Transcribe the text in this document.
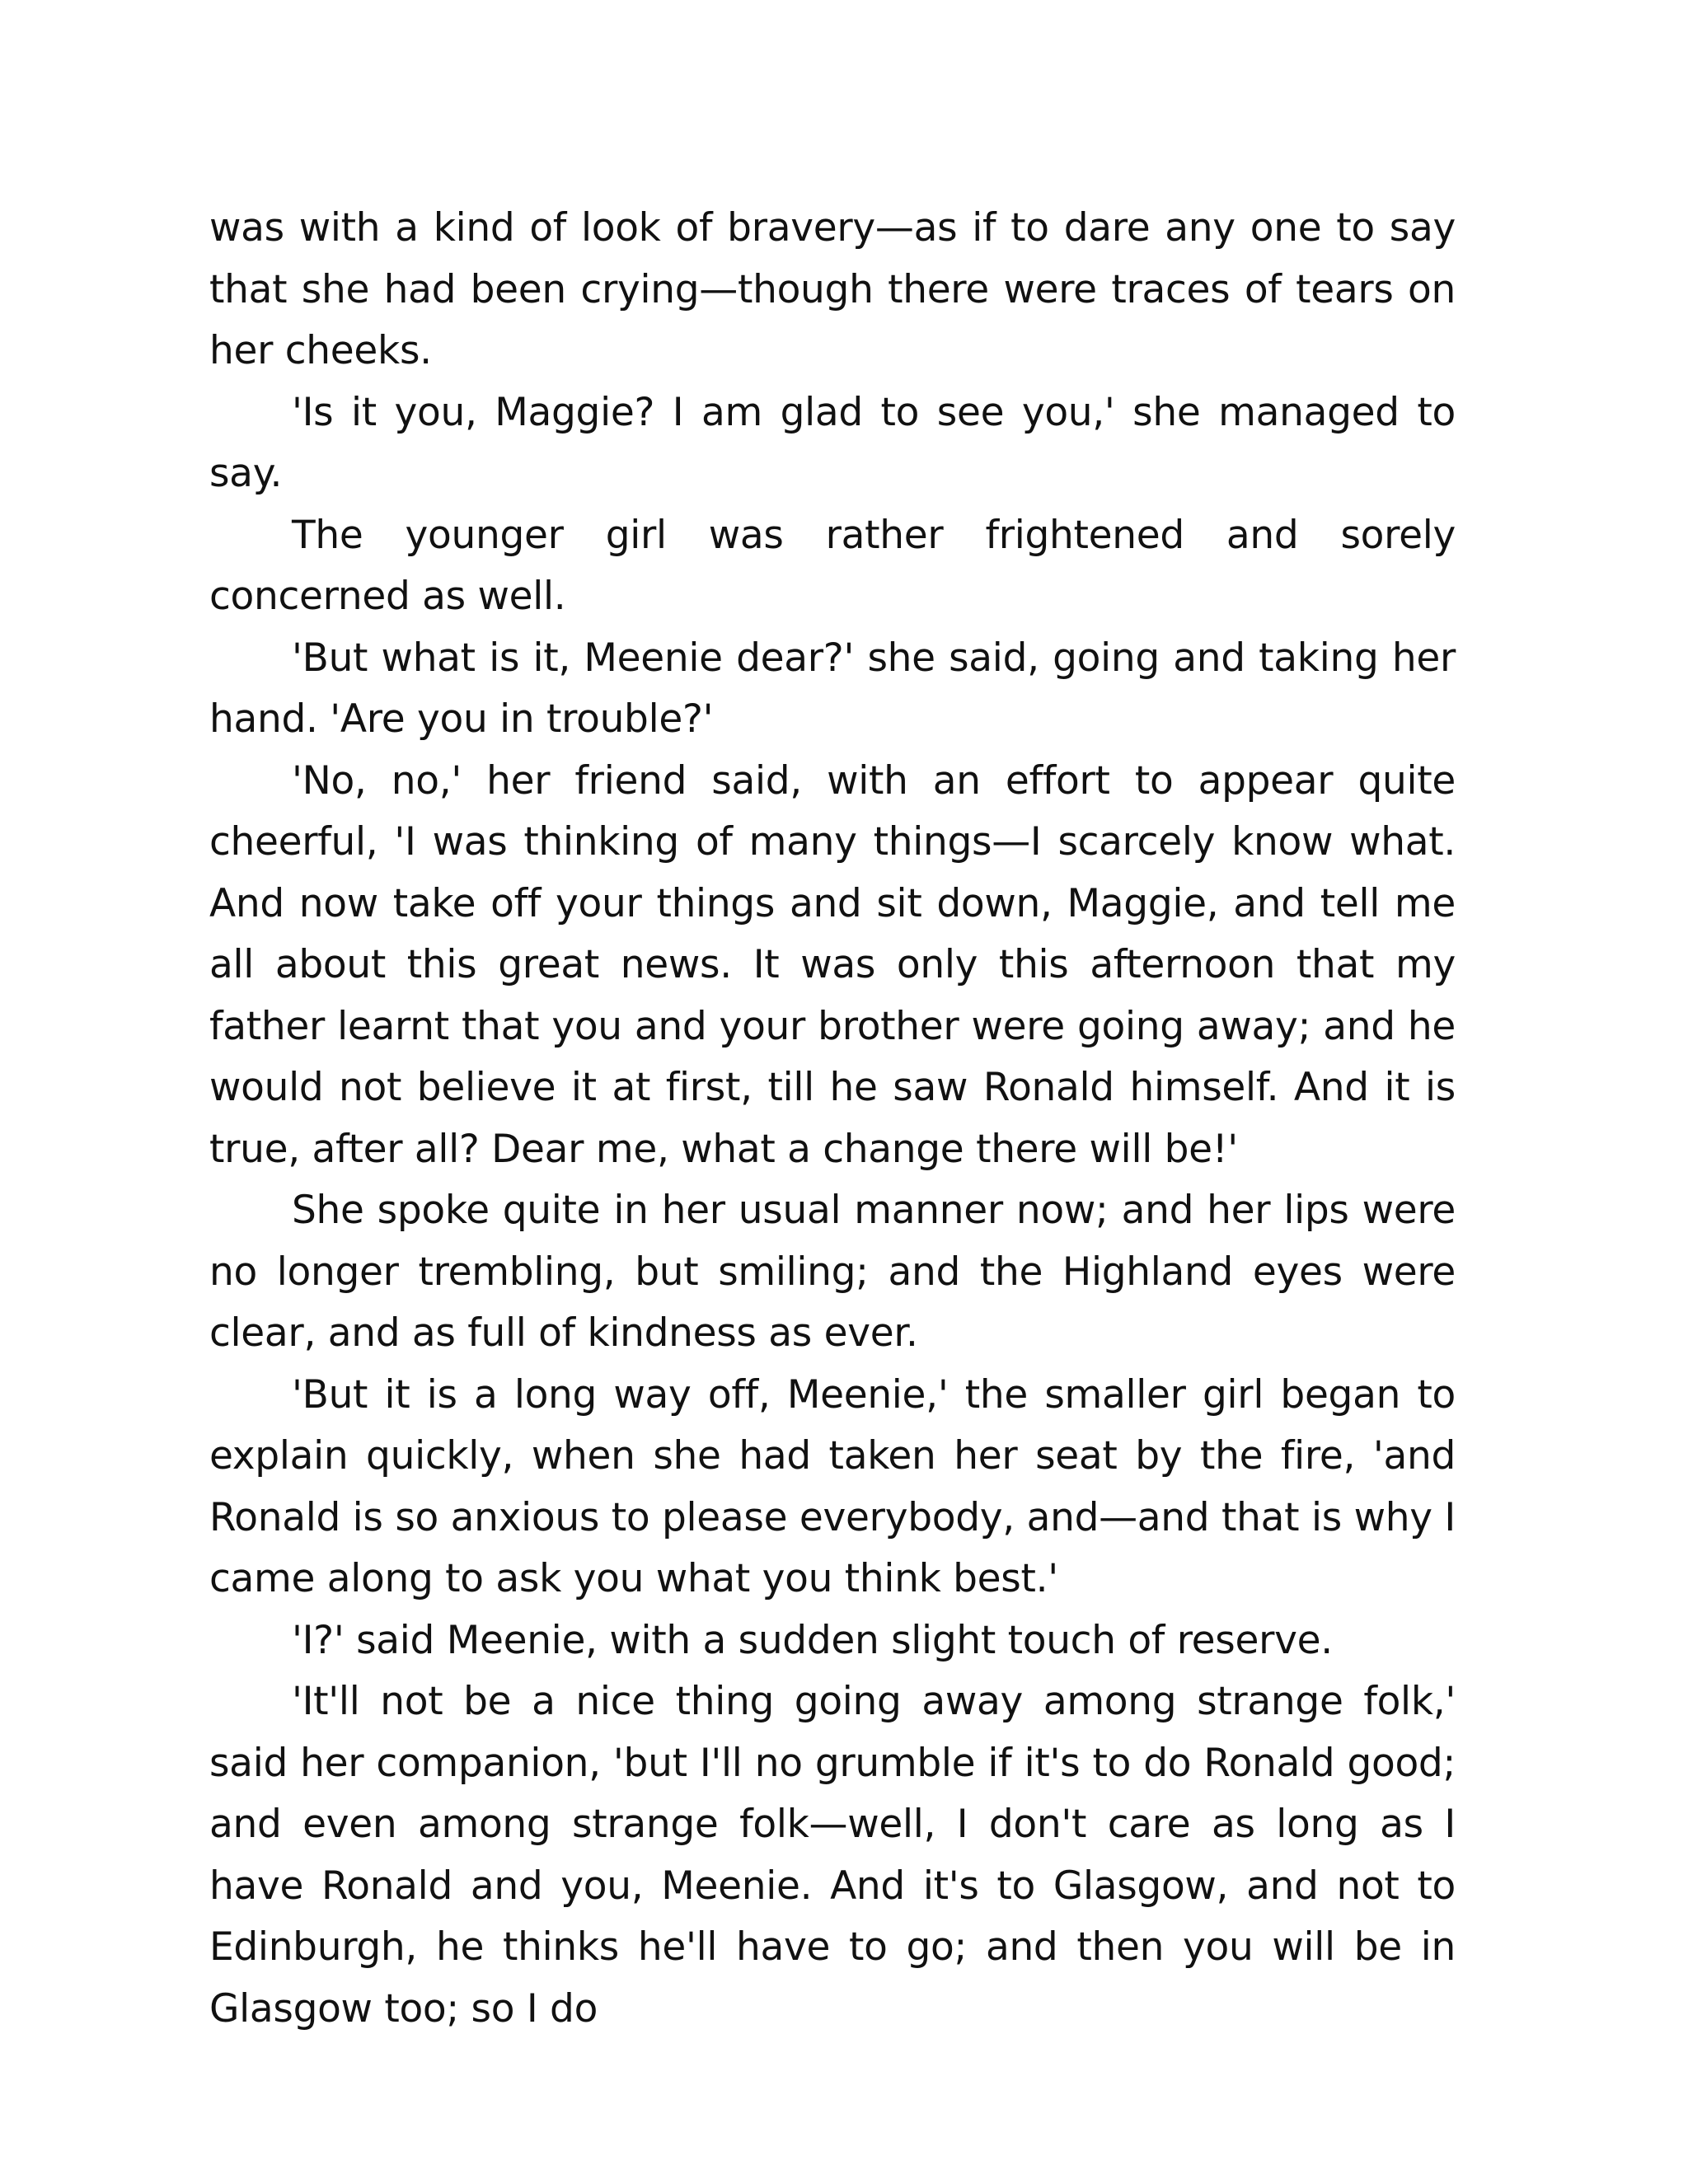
was with a kind of look of bravery—as if to dare any one to say that she had been crying—though there were traces of tears on her cheeks.

'Is it you, Maggie? I am glad to see you,' she managed to say.

The younger girl was rather frightened and sorely concerned as well.

'But what is it, Meenie dear?' she said, going and taking her hand. 'Are you in trouble?'

'No, no,' her friend said, with an effort to appear quite cheerful, 'I was thinking of many things—I scarcely know what. And now take off your things and sit down, Maggie, and tell me all about this great news. It was only this afternoon that my father learnt that you and your brother were going away; and he would not believe it at first, till he saw Ronald himself. And it is true, after all? Dear me, what a change there will be!'

She spoke quite in her usual manner now; and her lips were no longer trembling, but smiling; and the Highland eyes were clear, and as full of kindness as ever.

'But it is a long way off, Meenie,' the smaller girl began to explain quickly, when she had taken her seat by the fire, 'and Ronald is so anxious to please everybody, and—and that is why I came along to ask you what you think best.'

'I?' said Meenie, with a sudden slight touch of reserve.

'It'll not be a nice thing going away among strange folk,' said her companion, 'but I'll no grumble if it's to do Ronald good; and even among strange folk—well, I don't care as long as I have Ronald and you, Meenie. And it's to Glasgow, and not to Edinburgh, he thinks he'll have to go; and then you will be in Glasgow too; so I do
